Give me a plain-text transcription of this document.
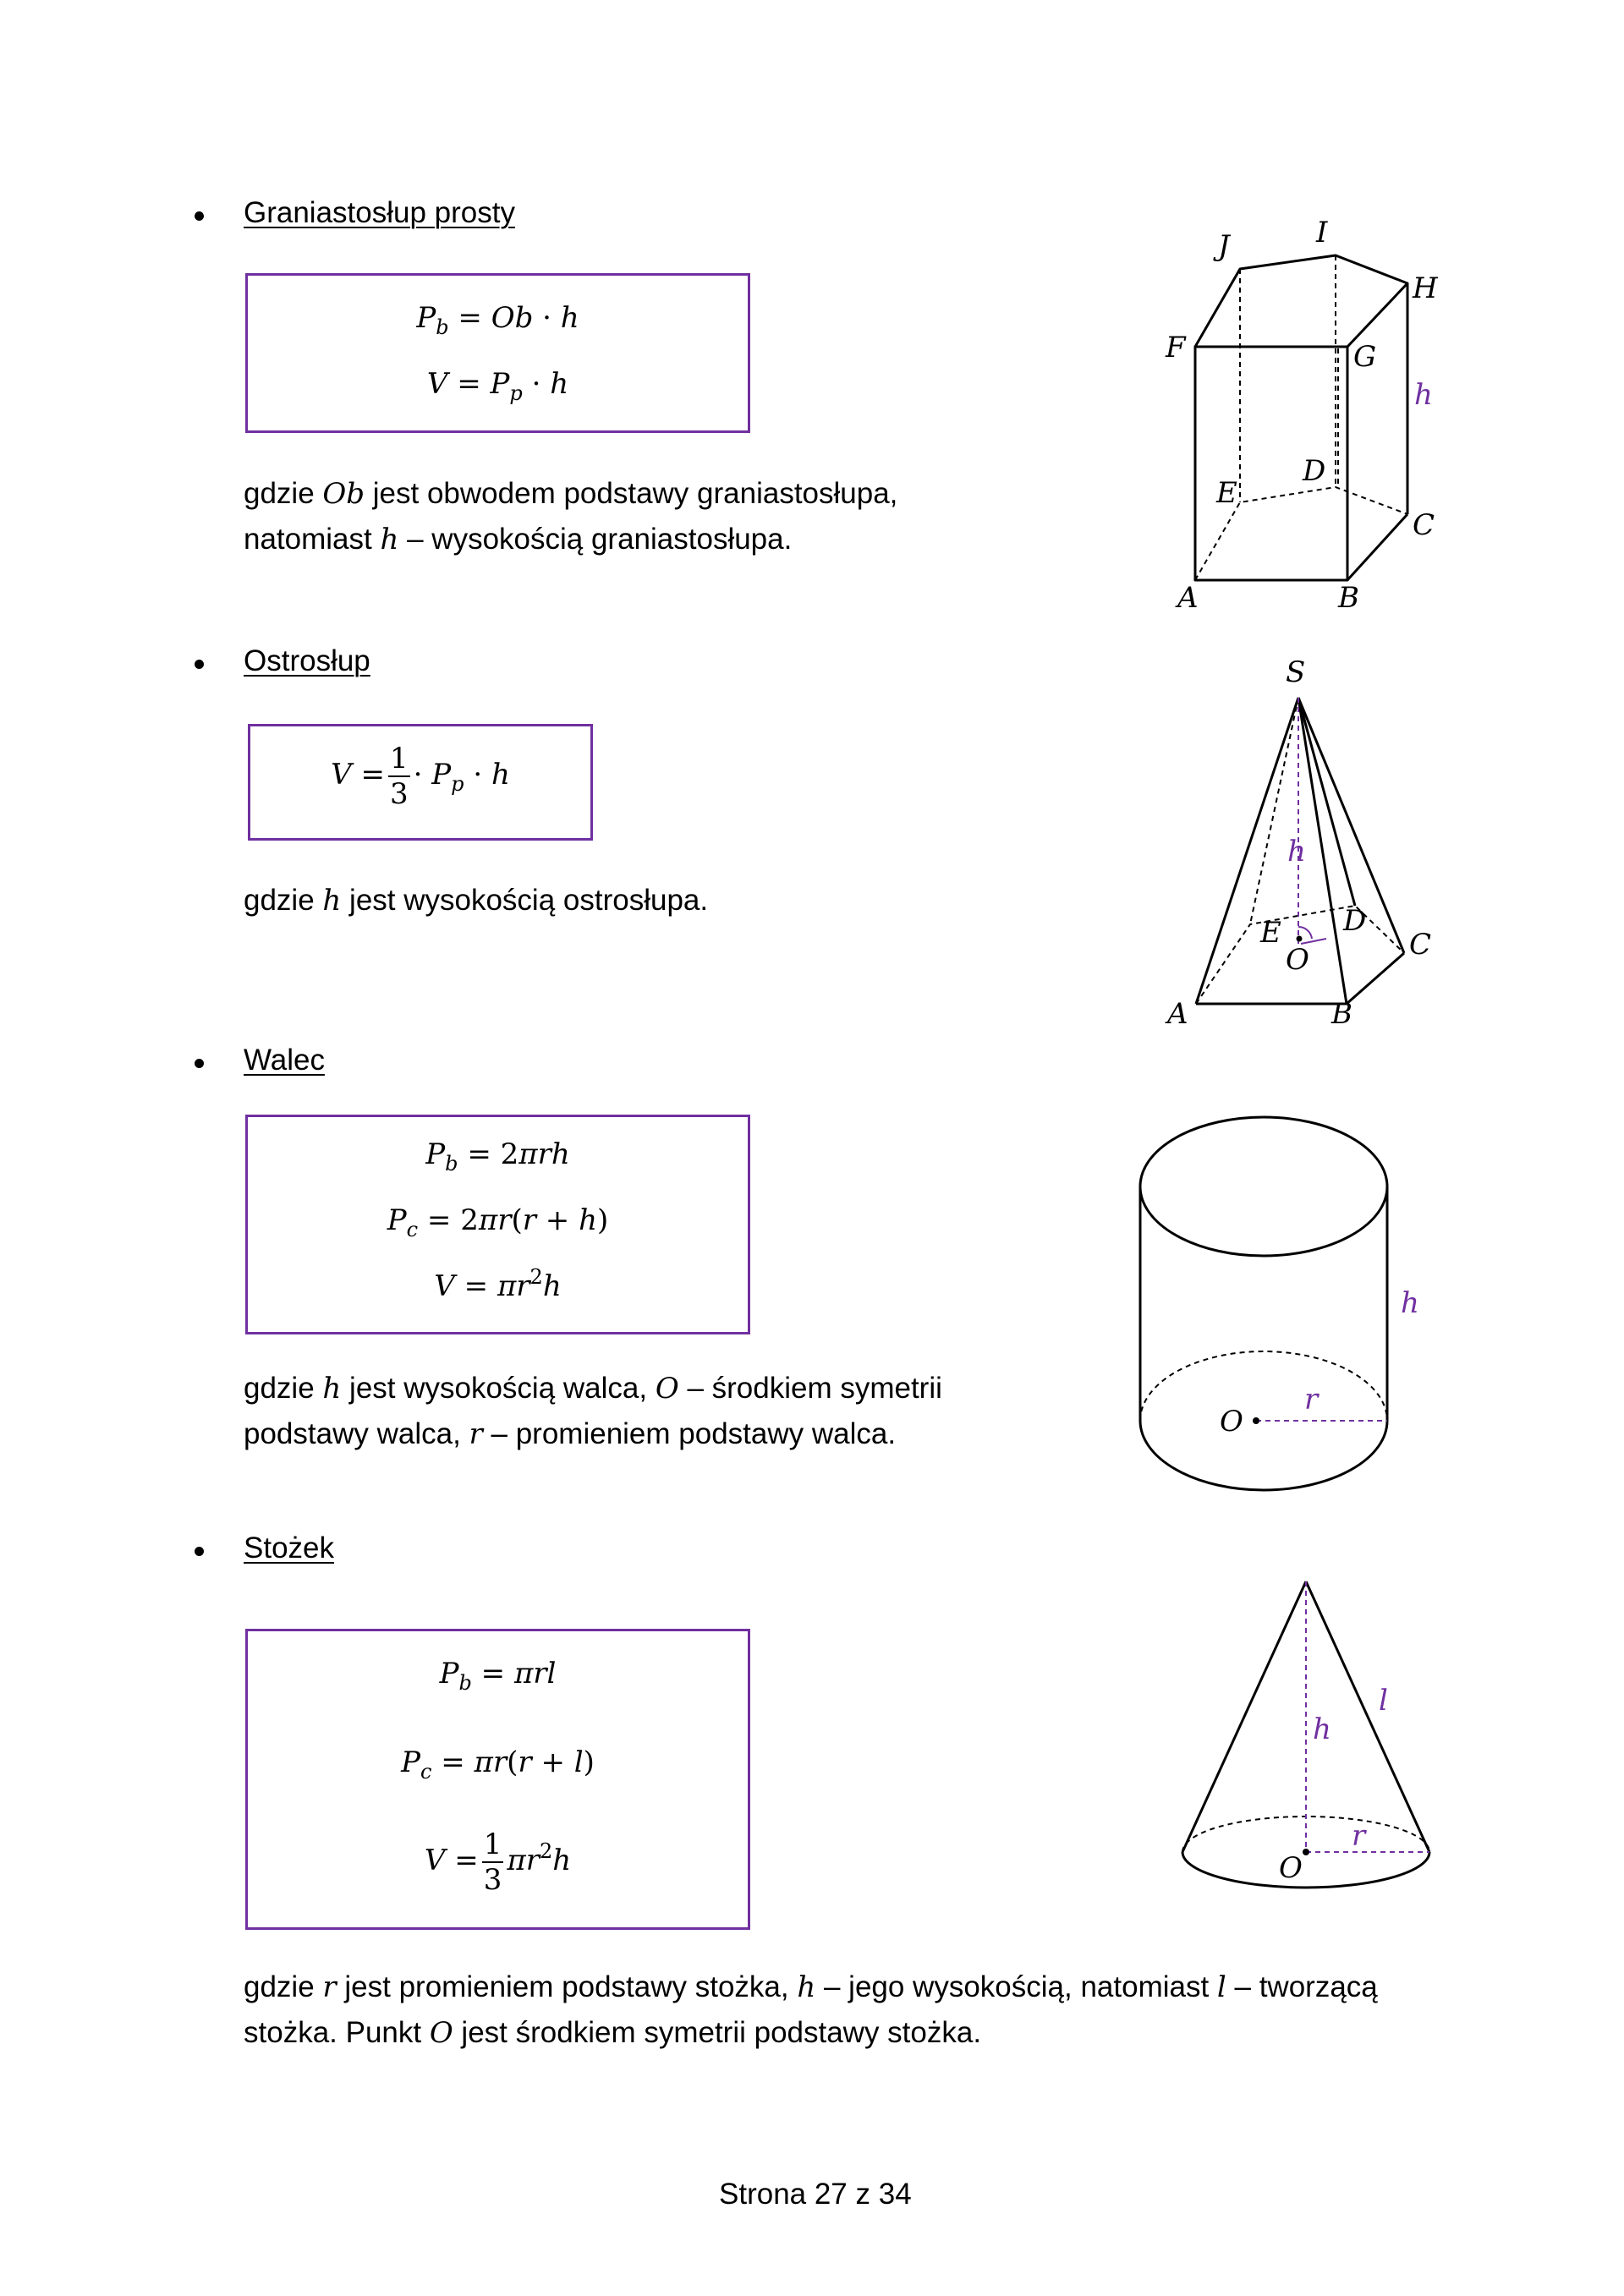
Graniastosłup prosty
$P_b = Ob \cdot h$
$V = P_p \cdot h$
gdzie Ob jest obwodem podstawy graniastosłupa,
natomiast h – wysokością graniastosłupa.
J	I
H
F	G
D
E
C
A	B
h
Ostrosłup
$V = \frac{1}{3} \cdot P_p \cdot h$
gdzie h jest wysokością ostrosłupa.
S
h
D
C
E
O
A	B
Walec
$P_b = 2\pi rh$
$P_c = 2\pi r(r + h)$
$V = \pi r^2h$
gdzie h jest wysokością walca, O – środkiem symetrii
podstawy walca, r – promieniem podstawy walca.	O
r
h
Stożek
$P_b = \pi rl$
$P_c = \pi r(r + l)$
$V = \frac{1}{3} \pi r^2h$
gdzie r jest promieniem podstawy stożka, h – jego wysokością, natomiast l – tworzącą
stożka. Punkt O jest środkiem symetrii podstawy stożka.
h
l
r
O
Strona 27 z 34
